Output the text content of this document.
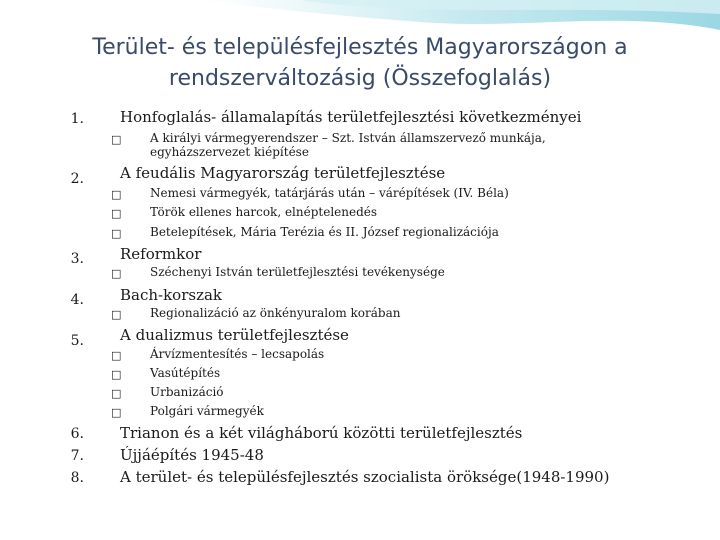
Terület- és településfejlesztés Magyarországon a
rendszerváltozásig (Összefoglalás)
1. Honfoglalás- államalapítás területfejlesztési következményei
□ A királyi vármegyerendszer – Szt. István államszervező munkája,
egyházszervezet kiépítése
2. A feudális Magyarország területfejlesztése
□ Nemesi vármegyék, tatárjárás után – várépítések (IV. Béla)
□ Török ellenes harcok, elnéptelenedés
□ Betelepítések, Mária Terézia és II. József regionalizációja
3. Reformkor
□ Széchenyi István területfejlesztési tevékenysége
4. Bach-korszak
□ Regionalizáció az önkényuralom korában
5. A dualizmus területfejlesztése
□ Árvízmentesítés – lecsapolás
□ Vasútépítés
□ Urbanizáció
□ Polgári vármegyék
6. Trianon és a két világháború közötti területfejlesztés
7. Újjáépítés 1945-48
8. A terület- és településfejlesztés szocialista öröksége(1948-1990)
